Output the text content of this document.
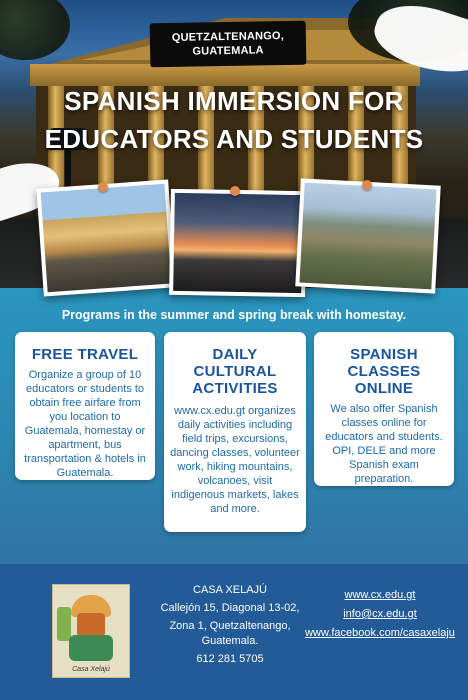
QUETZALTENANGO,
GUATEMALA
SPANISH IMMERSION FOR
EDUCATORS AND STUDENTS
Programs in the summer and spring break with homestay.
FREE TRAVEL

Organize a group of 10 educators or students to obtain free airfare from you location to Guatemala, homestay or apartment, bus transportation & hotels in Guatemala.

DAILY
CULTURAL
ACTIVITIES

www.cx.edu.gt organizes daily activities including field trips, excursions, dancing classes, volunteer work, hiking mountains, volcanoes, visit indigenous markets, lakes and more.

SPANISH
CLASSES
ONLINE

We also offer Spanish classes online for educators and students. OPI, DELE and more Spanish exam preparation.

Casa Xelajú
CASA XELAJÚ
Callejón 15, Diagonal 13-02,
Zona 1, Quetzaltenango, Guatemala.
612 281 5705
www.cx.edu.gt
info@cx.edu.gt
www.facebook.com/casaxelaju
